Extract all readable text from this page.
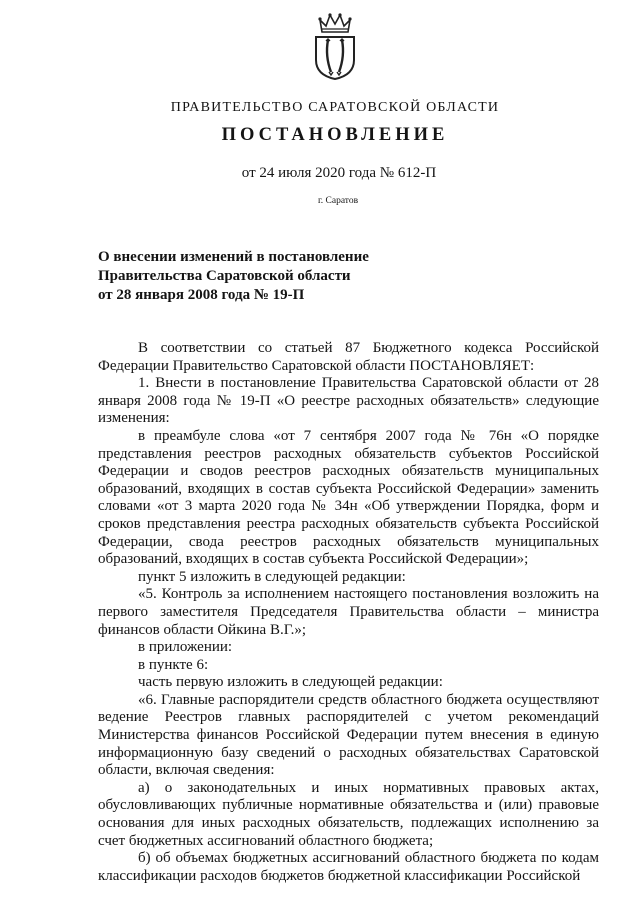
ПРАВИТЕЛЬСТВО САРАТОВСКОЙ ОБЛАСТИ
ПОСТАНОВЛЕНИЕ
от 24 июля 2020 года № 612-П
г. Саратов
О внесении изменений в постановление
Правительства Саратовской области
от 28 января 2008 года № 19-П

В соответствии со статьей 87 Бюджетного кодекса Российской Федерации Правительство Саратовской области ПОСТАНОВЛЯЕТ:

1. Внести в постановление Правительства Саратовской области от 28 января 2008 года № 19-П «О реестре расходных обязательств» следующие изменения:

в преамбуле слова «от 7 сентября 2007 года № 76н «О порядке представления реестров расходных обязательств субъектов Российской Федерации и сводов реестров расходных обязательств муниципальных образований, входящих в состав субъекта Российской Федерации» заменить словами «от 3 марта 2020 года № 34н «Об утверждении Порядка, форм и сроков представления реестра расходных обязательств субъекта Российской Федерации, свода реестров расходных обязательств муниципальных образований, входящих в состав субъекта Российской Федерации»;

пункт 5 изложить в следующей редакции:

«5. Контроль за исполнением настоящего постановления возложить на первого заместителя Председателя Правительства области – министра финансов области Ойкина В.Г.»;

в приложении:

в пункте 6:

часть первую изложить в следующей редакции:

«6. Главные распорядители средств областного бюджета осуществляют ведение Реестров главных распорядителей с учетом рекомендаций Министерства финансов Российской Федерации путем внесения в единую информационную базу сведений о расходных обязательствах Саратовской области, включая сведения:

а) о законодательных и иных нормативных правовых актах, обусловливающих публичные нормативные обязательства и (или) правовые основания для иных расходных обязательств, подлежащих исполнению за счет бюджетных ассигнований областного бюджета;

б) об объемах бюджетных ассигнований областного бюджета по кодам классификации расходов бюджетов бюджетной классификации Российской
